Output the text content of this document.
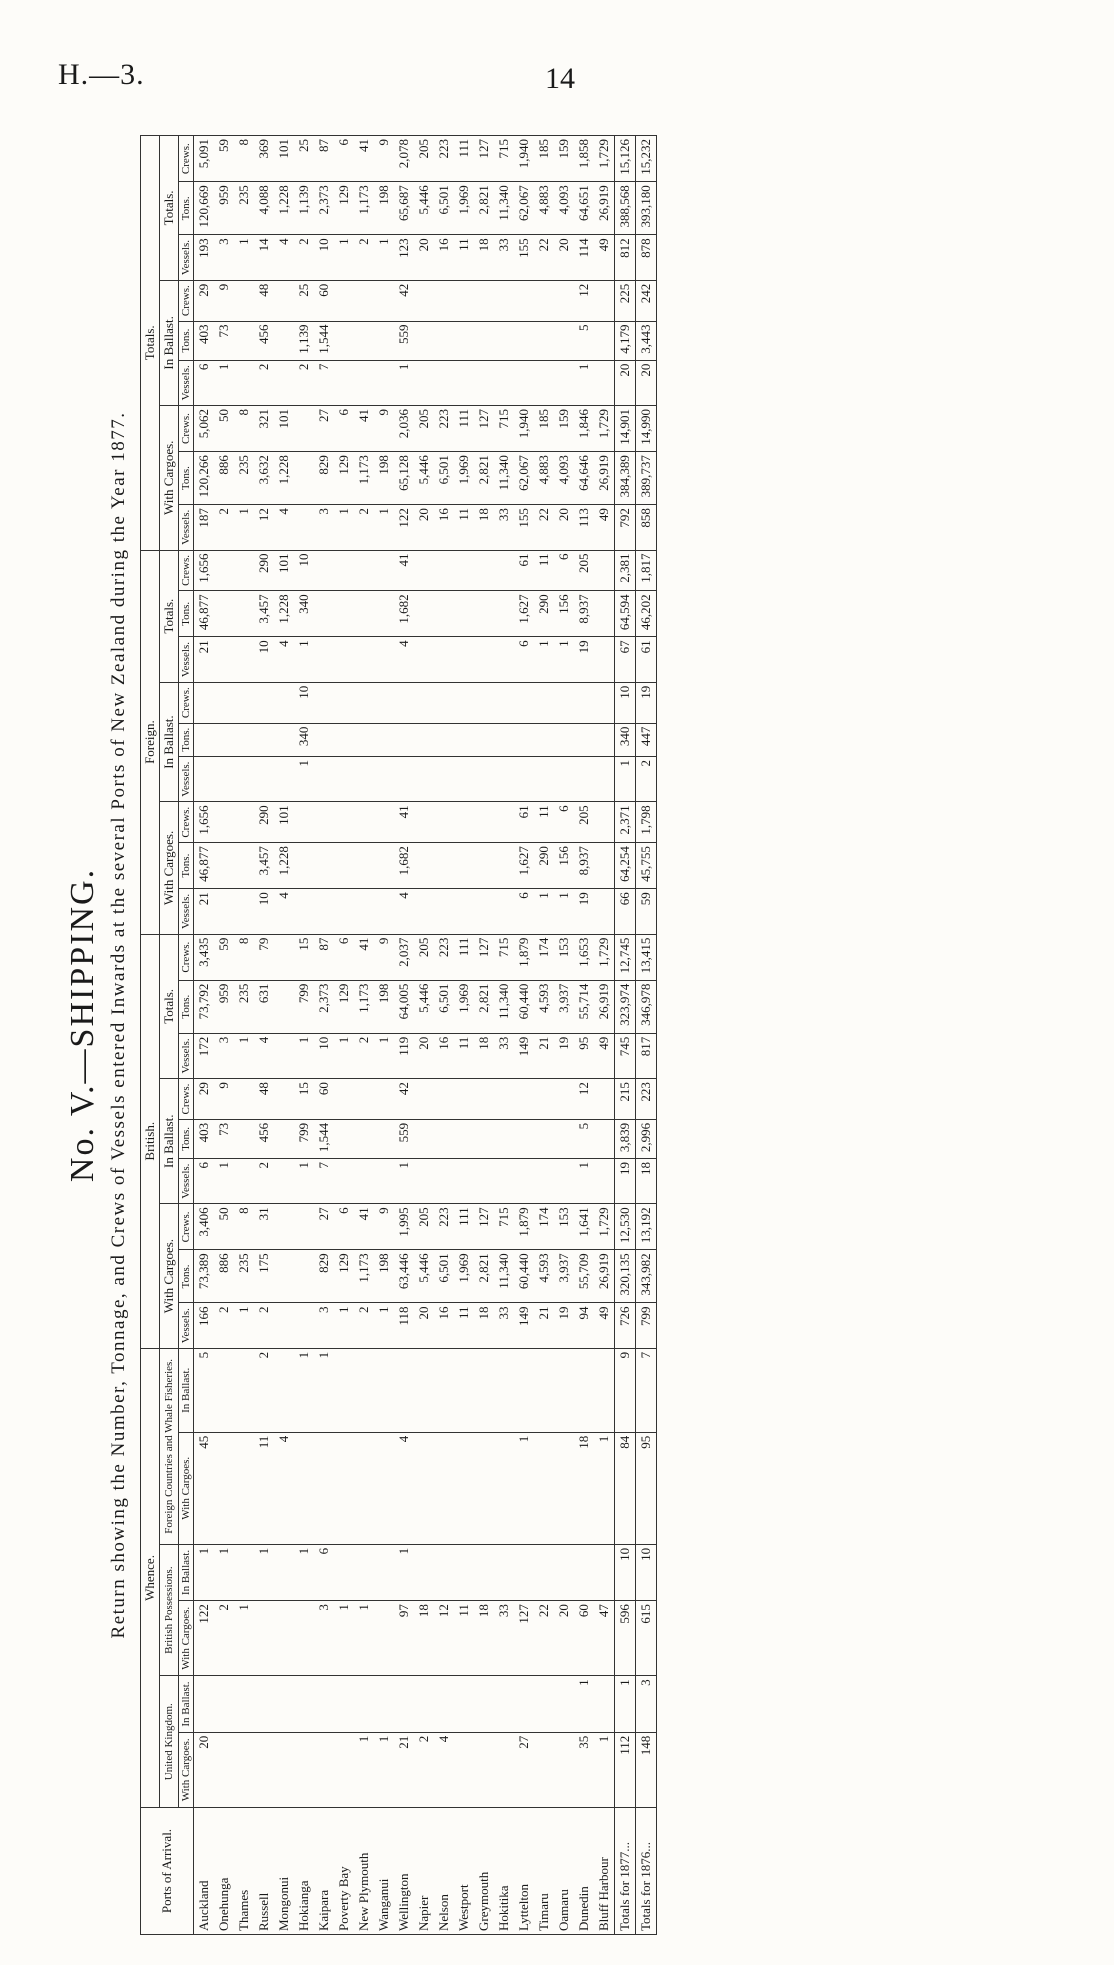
H.—3.	14
No. V.—SHIPPING. Return showing the Number, Tonnage, and Crews of Vessels entered Inwards at the several Ports of New Zealand during the Year 1877.
Ports of Arrival.	Whence.						British.									Foreign.									Totals.								
	United Kingdom.		British Possessions.		Foreign Countries and Whale Fisheries.		With Cargoes.			In Ballast.			Totals.			With Cargoes.			In Ballast.			Totals.			With Cargoes.			In Ballast.			Totals.		

	With Cargoes.	In Ballast.	With Cargoes.	In Ballast.	With Cargoes.	In Ballast.	Vessels.	Tons.	Crews.	Vessels.	Tons.	Crews.	Vessels.	Tons.	Crews.	Vessels.	Tons.	Crews.	Vessels.	Tons.	Crews.	Vessels.	Tons.	Crews.	Vessels.	Tons.	Crews.	Vessels.	Tons.	Crews.	Vessels.	Tons.	Crews.
Auckland	20		122	1	45	5	166	73,389	3,406	6	403	29	172	73,792	3,435	21	46,877	1,656				21	46,877	1,656	187	120,266	5,062	6	403	29	193	120,669	5,091
Onehunga			2	1			2	886	50	1	73	9	3	959	59										2	886	50	1	73	9	3	959	59
Thames			1				1	235	8				1	235	8										1	235	8				1	235	8
Russell				1	11	2	2	175	31	2	456	48	4	631	79	10	3,457	290				10	3,457	290	12	3,632	321	2	456	48	14	4,088	369
Mongonui					4											4	1,228	101				4	1,228	101	4	1,228	101				4	1,228	101
Hokianga				1		1				1	799	15	1	799	15				1	340	10	1	340	10				2	1,139	25	2	1,139	25
Kaipara			3	6		1	3	829	27	7	1,544	60	10	2,373	87										3	829	27	7	1,544	60	10	2,373	87
Poverty Bay			1				1	129	6				1	129	6										1	129	6				1	129	6
New Plymouth	1		1				2	1,173	41				2	1,173	41										2	1,173	41				2	1,173	41
Wanganui	1						1	198	9				1	198	9										1	198	9				1	198	9
Wellington	21		97	1	4		118	63,446	1,995	1	559	42	119	64,005	2,037	4	1,682	41				4	1,682	41	122	65,128	2,036	1	559	42	123	65,687	2,078
Napier	2		18				20	5,446	205				20	5,446	205										20	5,446	205				20	5,446	205
Nelson	4		12				16	6,501	223				16	6,501	223										16	6,501	223				16	6,501	223
Westport			11				11	1,969	111				11	1,969	111										11	1,969	111				11	1,969	111
Greymouth			18				18	2,821	127				18	2,821	127										18	2,821	127				18	2,821	127
Hokitika			33				33	11,340	715				33	11,340	715										33	11,340	715				33	11,340	715
Lyttelton	27		127		1		149	60,440	1,879				149	60,440	1,879	6	1,627	61				6	1,627	61	155	62,067	1,940				155	62,067	1,940
Timaru			22				21	4,593	174				21	4,593	174	1	290	11				1	290	11	22	4,883	185				22	4,883	185
Oamaru			20				19	3,937	153				19	3,937	153	1	156	6				1	156	6	20	4,093	159				20	4,093	159
Dunedin	35	1	60		18		94	55,709	1,641	1	5	12	95	55,714	1,653	19	8,937	205				19	8,937	205	113	64,646	1,846	1	5	12	114	64,651	1,858
Bluff Harbour	1		47		1		49	26,919	1,729				49	26,919	1,729										49	26,919	1,729				49	26,919	1,729
Totals for 1877...	112	1	596	10	84	9	726	320,135	12,530	19	3,839	215	745	323,974	12,745	66	64,254	2,371	1	340	10	67	64,594	2,381	792	384,389	14,901	20	4,179	225	812	388,568	15,126
Totals for 1876...	148	3	615	10	95	7	799	343,982	13,192	18	2,996	223	817	346,978	13,415	59	45,755	1,798	2	447	19	61	46,202	1,817	858	389,737	14,990	20	3,443	242	878	393,180	15,232
